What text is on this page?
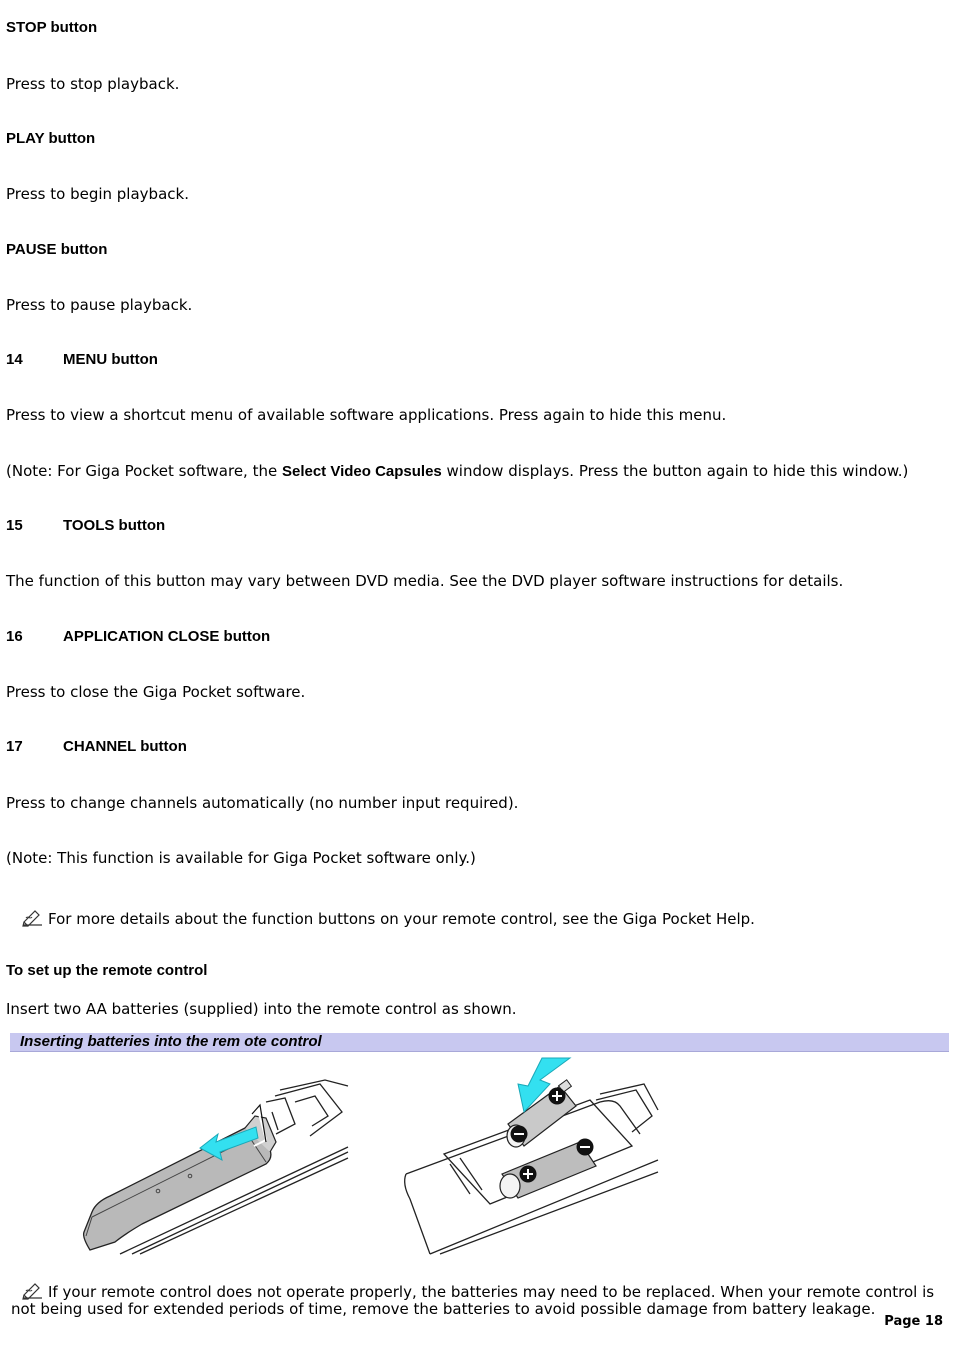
STOP button
Press to stop playback.
PLAY button
Press to begin playback.
PAUSE button
Press to pause playback.
14	MENU button
Press to view a shortcut menu of available software applications. Press again to hide this menu.
(Note: For Giga Pocket software, the Select Video Capsules window displays. Press the button again to hide this window.)
15	TOOLS button
The function of this button may vary between DVD media. See the DVD player software instructions for details.
16	APPLICATION CLOSE button
Press to close the Giga Pocket software.
17	CHANNEL button
Press to change channels automatically (no number input required).
(Note: This function is available for Giga Pocket software only.)
For more details about the function buttons on your remote control, see the Giga Pocket Help.
To set up the remote control
Insert two AA batteries (supplied) into the remote control as shown.
Inserting batteries into the rem ote control
If your remote control does not operate properly, the batteries may need to be replaced. When your remote control is
not being used for extended periods of time, remove the batteries to avoid possible damage from battery leakage.
Page 18
